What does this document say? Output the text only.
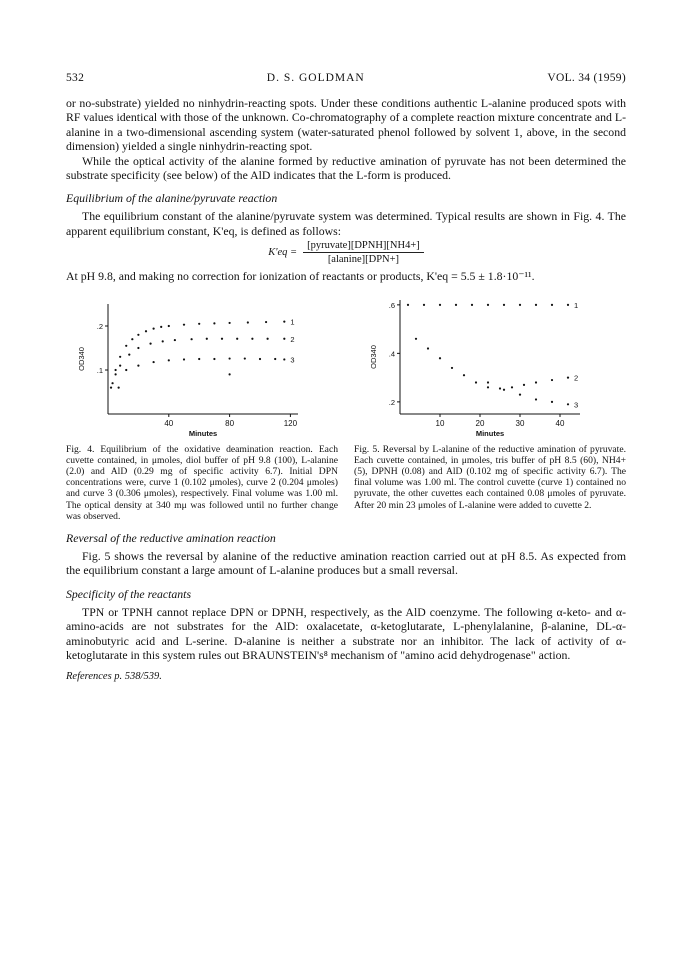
532	D. S. GOLDMAN	VOL. 34 (1959)

or no-substrate) yielded no ninhydrin-reacting spots. Under these conditions authentic L-alanine produced spots with RF values identical with those of the unknown. Co-chromatography of a complete reaction mixture concentrate and L-alanine in a two-dimensional ascending system (water-saturated phenol followed by solvent 1, above, in the second dimension) yielded a single ninhydrin-reacting spot.

While the optical activity of the alanine formed by reductive amination of pyruvate has not been determined the substrate specificity (see below) of the AlD indicates that the L-form is produced.

Equilibrium of the alanine/pyruvate reaction

The equilibrium constant of the alanine/pyruvate system was determined. Typical results are shown in Fig. 4. The apparent equilibrium constant, K'eq, is defined as follows:

$K'eq = \frac{\text{[pyruvate][DPNH][NH4+]}}{\text{[alanine][DPN+]}}$

At pH 9.8, and making no correction for ionization of reactants or products, K'eq = 5.5 ± 1.8·10⁻¹¹.

40	80	120
.1
.2
Minutes
OD340
1
2
3
Fig. 4. Equilibrium of the oxidative deamination reaction. Each cuvette contained, in μmoles, diol buffer of pH 9.8 (100), L-alanine (2.0) and AlD (0.29 mg of specific activity 6.7). Initial DPN concentrations were, curve 1 (0.102 μmoles), curve 2 (0.204 μmoles) and curve 3 (0.306 μmoles), respectively. Final volume was 1.00 ml. The optical density at 340 mμ was followed until no further change was observed.
10	20	30	40
.2
.4
.6
Minutes
OD340
1
2
3
Fig. 5. Reversal by L-alanine of the reductive amination of pyruvate. Each cuvette contained, in μmoles, tris buffer of pH 8.5 (60), NH4+ (5), DPNH (0.08) and AlD (0.102 mg of specific activity 6.7). The final volume was 1.00 ml. The control cuvette (curve 1) contained no pyruvate, the other cuvettes each contained 0.08 μmoles of pyruvate. After 20 min 23 μmoles of L-alanine were added to cuvette 2.
Reversal of the reductive amination reaction

Fig. 5 shows the reversal by alanine of the reductive amination reaction carried out at pH 8.5. As expected from the equilibrium constant a large amount of L-alanine produces but a small reversal.

Specificity of the reactants

TPN or TPNH cannot replace DPN or DPNH, respectively, as the AlD coenzyme. The following α-keto- and α-amino-acids are not substrates for the AlD: oxalacetate, α-ketoglutarate, L-phenylalanine, β-alanine, DL-α-aminobutyric acid and L-serine. D-alanine is neither a substrate nor an inhibitor. The lack of activity of α-ketoglutarate in this system rules out BRAUNSTEIN's⁸ mechanism of "amino acid dehydrogenase" action.

References p. 538/539.
